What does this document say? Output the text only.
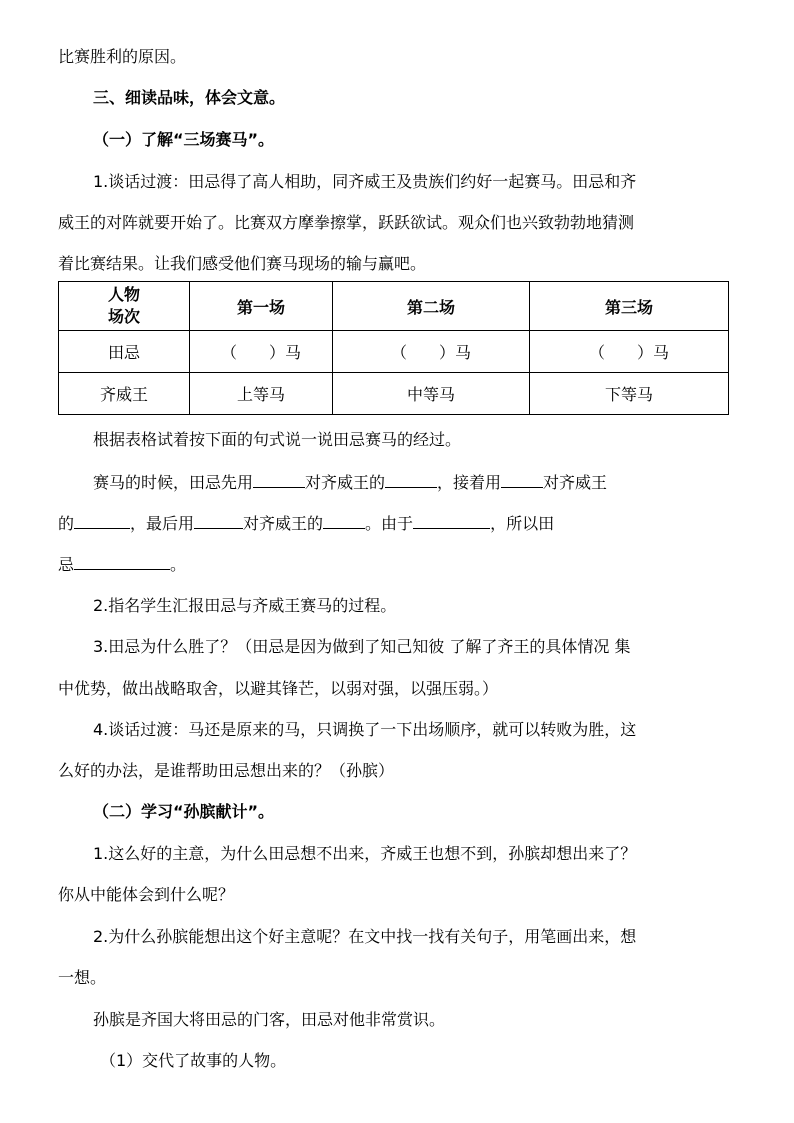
比赛胜利的原因。
三、细读品味，体会文意。
（一）了解“三场赛马”。
1.谈话过渡：田忌得了高人相助，同齐威王及贵族们约好一起赛马。田忌和齐
威王的对阵就要开始了。比赛双方摩拳擦掌，跃跃欲试。观众们也兴致勃勃地猜测
着比赛结果。让我们感受他们赛马现场的输与赢吧。
人物
场次	第一场	第二场	第三场
田忌	（　　）马	（　　）马	（　　）马
齐威王	上等马	中等马	下等马
根据表格试着按下面的句式说一说田忌赛马的经过。
赛马的时候，田忌先用	对齐威王的	，接着用	对齐威王
的	，最后用	对齐威王的	。由于	，所以田
忌	。
2.指名学生汇报田忌与齐威王赛马的过程。
3.田忌为什么胜了？（田忌是因为做到了知己知彼 了解了齐王的具体情况 集
中优势，做出战略取舍，以避其锋芒，以弱对强，以强压弱。）
4.谈话过渡：马还是原来的马，只调换了一下出场顺序，就可以转败为胜，这
么好的办法，是谁帮助田忌想出来的？（孙膑）
（二）学习“孙膑献计”。
1.这么好的主意，为什么田忌想不出来，齐威王也想不到，孙膑却想出来了？
你从中能体会到什么呢？
2.为什么孙膑能想出这个好主意呢？在文中找一找有关句子，用笔画出来，想
一想。
孙膑是齐国大将田忌的门客，田忌对他非常赏识。
（1）交代了故事的人物。
